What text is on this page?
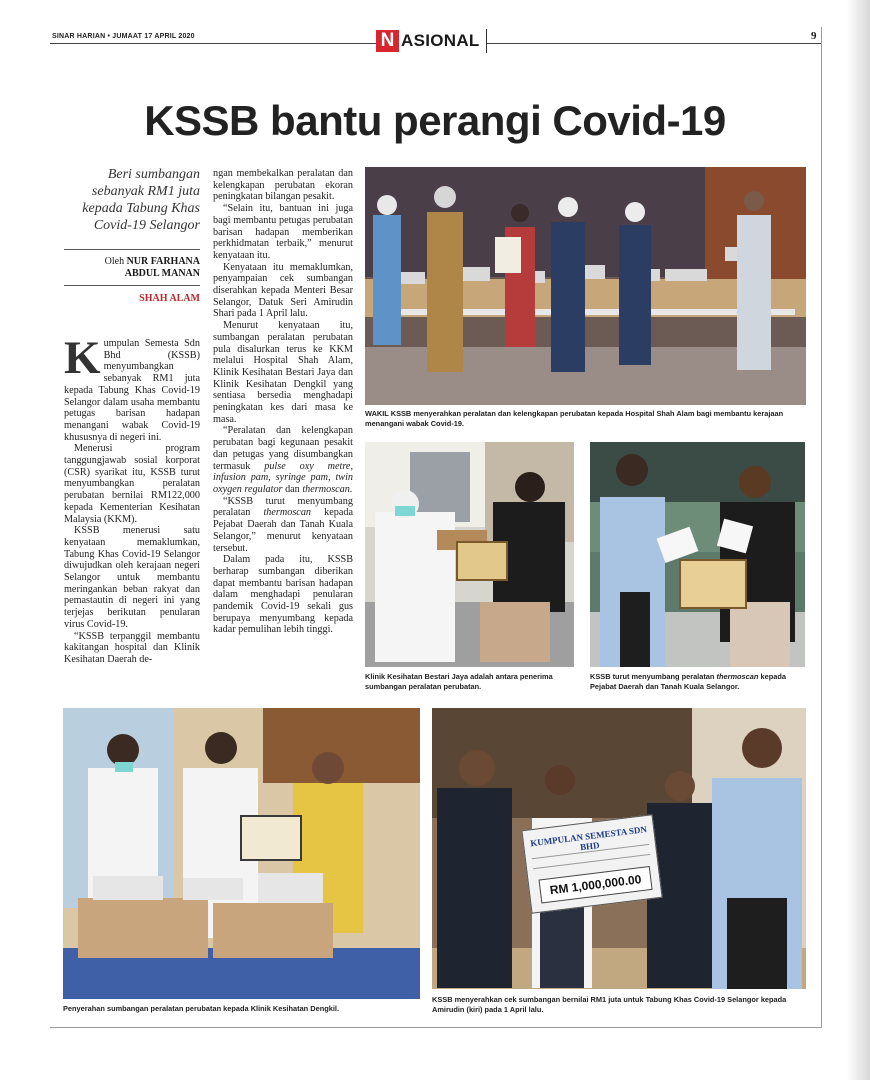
SINAR HARIAN • JUMAAT 17 APRIL 2020	N ASIONAL	9
KSSB bantu perangi Covid-19
Beri sumbangan sebanyak RM1 juta kepada Tabung Khas Covid-19 Selangor
Oleh NUR FARHANA
ABDUL MANAN
SHAH ALAM

Kumpulan Semesta Sdn Bhd (KSSB) menyumbangkan sebanyak RM1 juta kepada Tabung Khas Covid-19 Selangor dalam usaha membantu petugas barisan hadapan menangani wabak Covid-19 khususnya di negeri ini.

Menerusi program tanggungjawab sosial korporat (CSR) syarikat itu, KSSB turut menyumbangkan peralatan perubatan bernilai RM122,000 kepada Kementerian Kesihatan Malaysia (KKM).

KSSB menerusi satu kenyataan memaklumkan, Tabung Khas Covid-19 Selangor diwujudkan oleh kerajaan negeri Selangor untuk membantu meringankan beban rakyat dan pemastautin di negeri ini yang terjejas berikutan penularan virus Covid-19.

“KSSB terpanggil membantu kakitangan hospital dan Klinik Kesihatan Daerah de-

ngan membekalkan peralatan dan kelengkapan perubatan ekoran peningkatan bilangan pesakit.

“Selain itu, bantuan ini juga bagi membantu petugas perubatan barisan hadapan memberikan perkhidmatan terbaik,” menurut kenyataan itu.

Kenyataan itu memaklumkan, penyampaian cek sumbangan diserahkan kepada Menteri Besar Selangor, Datuk Seri Amirudin Shari pada 1 April lalu.

Menurut kenyataan itu, sumbangan peralatan perubatan pula disalurkan terus ke KKM melalui Hospital Shah Alam, Klinik Kesihatan Bestari Jaya dan Klinik Kesihatan Dengkil yang sentiasa bersedia menghadapi peningkatan kes dari masa ke masa.

“Peralatan dan kelengkapan perubatan bagi kegunaan pesakit dan petugas yang disumbangkan termasuk pulse oxy metre, infusion pam, syringe pam, twin oxygen regulator dan thermoscan.

“KSSB turut menyumbang peralatan thermoscan kepada Pejabat Daerah dan Tanah Kuala Selangor,” menurut kenyataan tersebut.

Dalam pada itu, KSSB berharap sumbangan diberikan dapat membantu barisan hadapan dalam menghadapi penularan pandemik Covid-19 sekali gus berupaya menyumbang kepada kadar pemulihan lebih tinggi.

WAKIL KSSB menyerahkan peralatan dan kelengkapan perubatan kepada Hospital Shah Alam bagi membantu kerajaan menangani wabak Covid-19.
Klinik Kesihatan Bestari Jaya adalah antara penerima sumbangan peralatan perubatan.
KSSB turut menyumbang peralatan thermoscan kepada Pejabat Daerah dan Tanah Kuala Selangor.
Penyerahan sumbangan peralatan perubatan kepada Klinik Kesihatan Dengkil.
KUMPULAN SEMESTA SDN BHD
RM 1,000,000.00
KSSB menyerahkan cek sumbangan bernilai RM1 juta untuk Tabung Khas Covid-19 Selangor kepada Amirudin (kiri) pada 1 April lalu.
